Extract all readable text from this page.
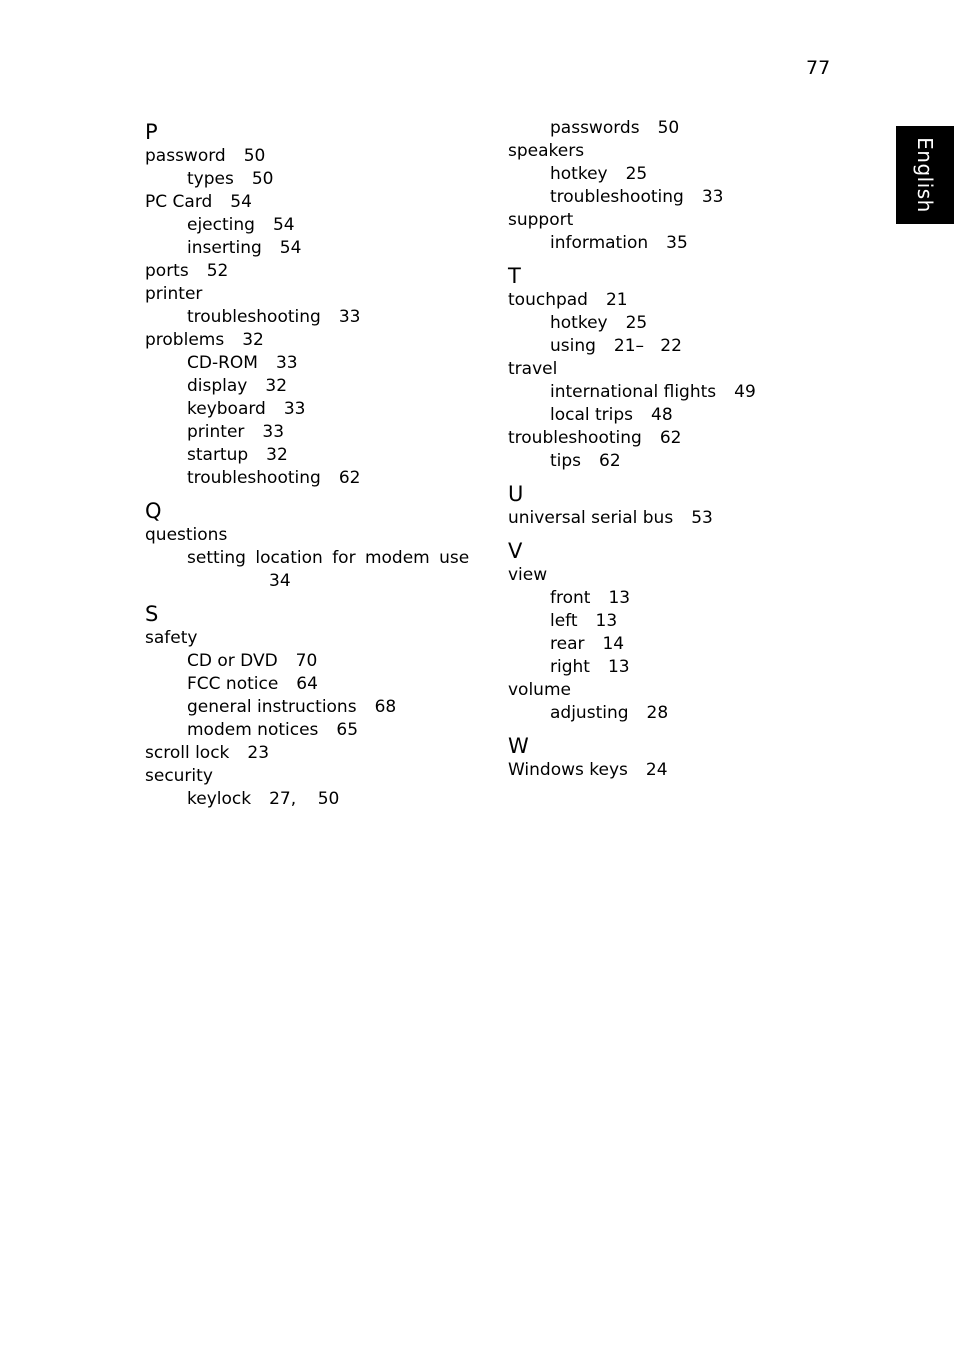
77
English
P
password 50
types 50
PC Card 54
ejecting 54
inserting 54
ports 52
printer
troubleshooting 33
problems 32
CD-ROM 33
display 32
keyboard 33
printer 33
startup 32
troubleshooting 62
Q
questions
setting location for modem use
34
S
safety
CD or DVD 70
FCC notice 64
general instructions 68
modem notices 65
scroll lock 23
security
keylock 27,    50
passwords 50
speakers
hotkey 25
troubleshooting 33
support
information 35
T
touchpad 21
hotkey 25
using 21–   22
travel
international flights 49
local trips 48
troubleshooting 62
tips 62
U
universal serial bus 53
V
view
front 13
left 13
rear 14
right 13
volume
adjusting 28
W
Windows keys 24
